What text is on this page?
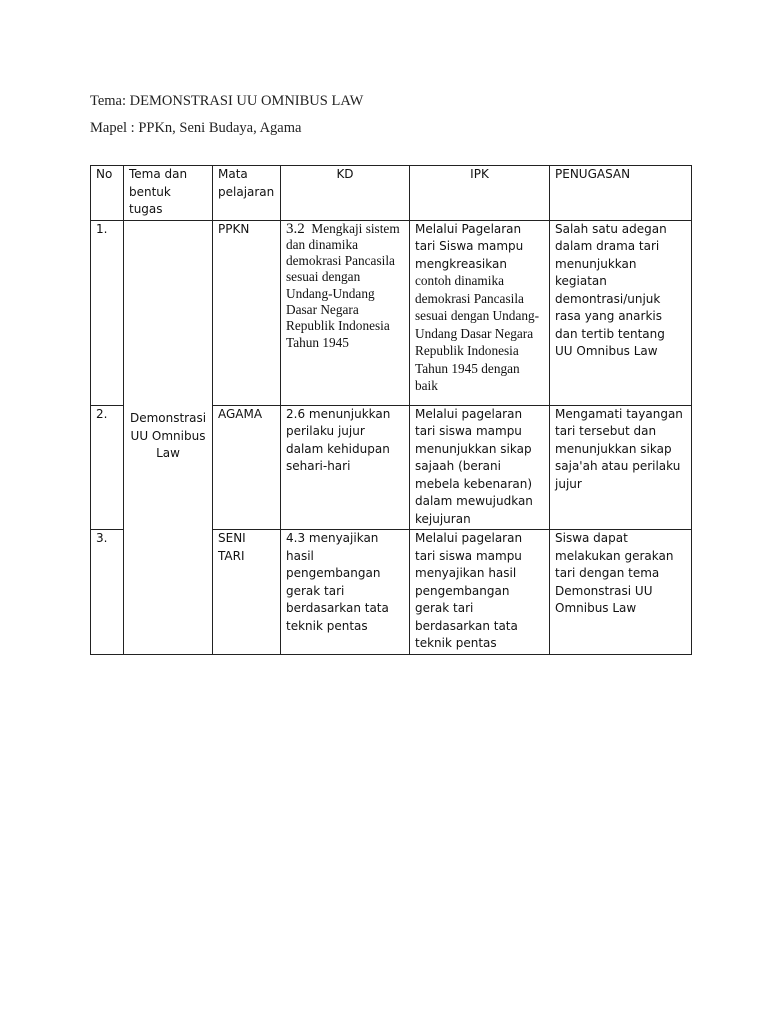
Tema: DEMONSTRASI UU OMNIBUS LAW
Mapel : PPKn, Seni Budaya, Agama
No	Tema dan bentuk tugas	Mata pelajaran	KD	IPK	PENUGASAN
1.	Demonstrasi UU Omnibus Law	PPKN	3.2 Mengkaji sistem dan dinamika demokrasi Pancasila sesuai dengan Undang-Undang Dasar Negara Republik Indonesia Tahun 1945	Melalui Pagelaran tari Siswa mampu mengkreasikan contoh dinamika demokrasi Pancasila sesuai dengan Undang-Undang Dasar Negara Republik Indonesia Tahun 1945 dengan baik	Salah satu adegan dalam drama tari menunjukkan kegiatan demontrasi/unjuk rasa yang anarkis dan tertib tentang UU Omnibus Law
2.		AGAMA	2.6 menunjukkan perilaku jujur dalam kehidupan sehari-hari	Melalui pagelaran tari siswa mampu menunjukkan sikap sajaah (berani mebela kebenaran) dalam mewujudkan kejujuran	Mengamati tayangan tari tersebut dan menunjukkan sikap saja'ah atau perilaku jujur
3.		SENI TARI	4.3 menyajikan hasil pengembangan gerak tari berdasarkan tata teknik pentas	Melalui pagelaran tari siswa mampu menyajikan hasil pengembangan gerak tari berdasarkan tata teknik pentas	Siswa dapat melakukan gerakan tari dengan tema Demonstrasi UU Omnibus Law
